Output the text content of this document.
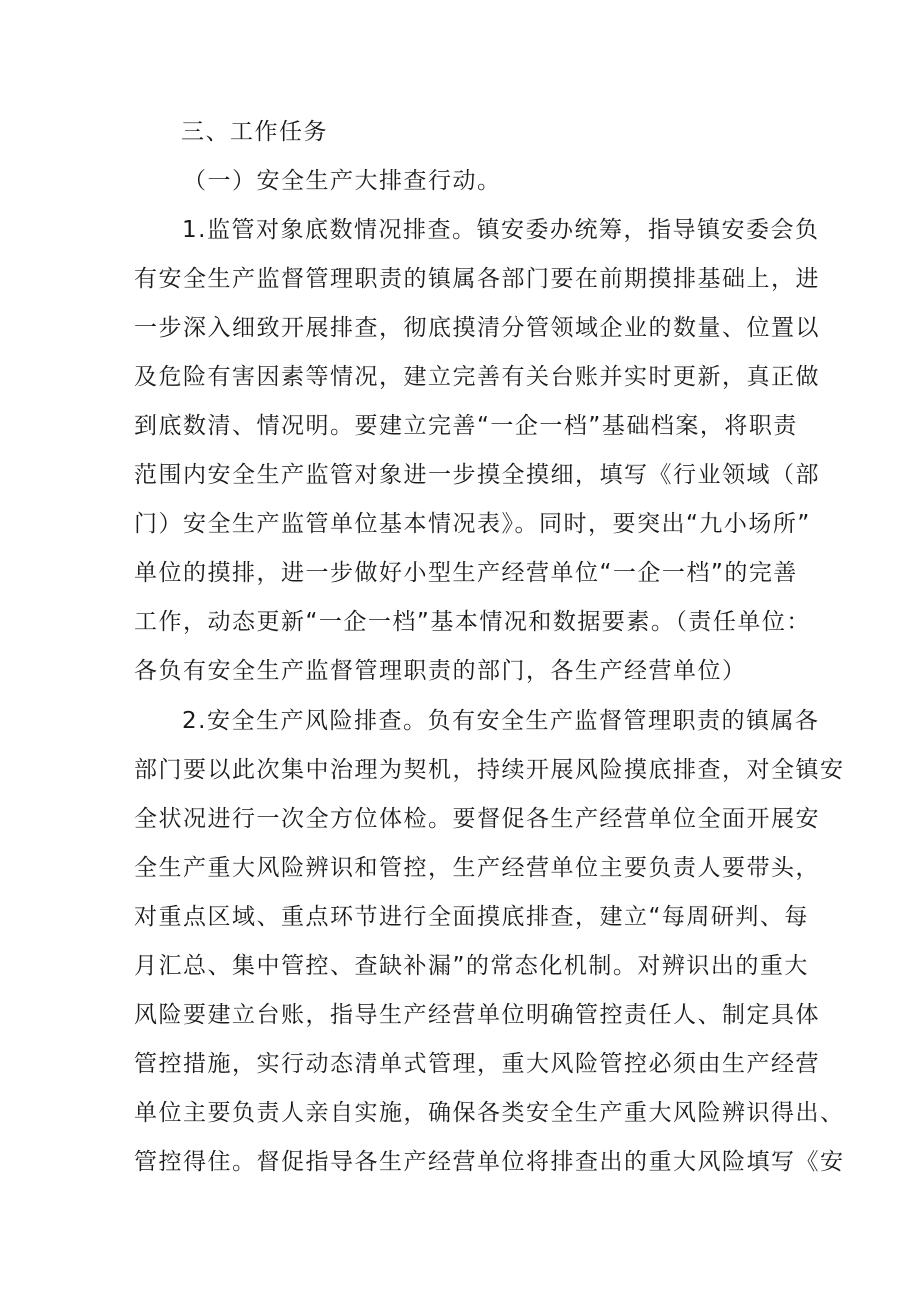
三、工作任务
（一）安全生产大排查行动。
1.监管对象底数情况排查。镇安委办统筹，指导镇安委会负
有安全生产监督管理职责的镇属各部门要在前期摸排基础上，进
一步深入细致开展排查，彻底摸清分管领域企业的数量、位置以
及危险有害因素等情况，建立完善有关台账并实时更新，真正做
到底数清、情况明。要建立完善“一企一档”基础档案，将职责
范围内安全生产监管对象进一步摸全摸细，填写《行业领域（部
门）安全生产监管单位基本情况表》。同时，要突出“九小场所”
单位的摸排，进一步做好小型生产经营单位“一企一档”的完善
工作，动态更新“一企一档”基本情况和数据要素。（责任单位：
各负有安全生产监督管理职责的部门，各生产经营单位）
2.安全生产风险排查。负有安全生产监督管理职责的镇属各
部门要以此次集中治理为契机，持续开展风险摸底排查，对全镇安
全状况进行一次全方位体检。要督促各生产经营单位全面开展安
全生产重大风险辨识和管控，生产经营单位主要负责人要带头，
对重点区域、重点环节进行全面摸底排查，建立“每周研判、每
月汇总、集中管控、查缺补漏”的常态化机制。对辨识出的重大
风险要建立台账，指导生产经营单位明确管控责任人、制定具体
管控措施，实行动态清单式管理，重大风险管控必须由生产经营
单位主要负责人亲自实施，确保各类安全生产重大风险辨识得出、
管控得住。督促指导各生产经营单位将排查出的重大风险填写《安
